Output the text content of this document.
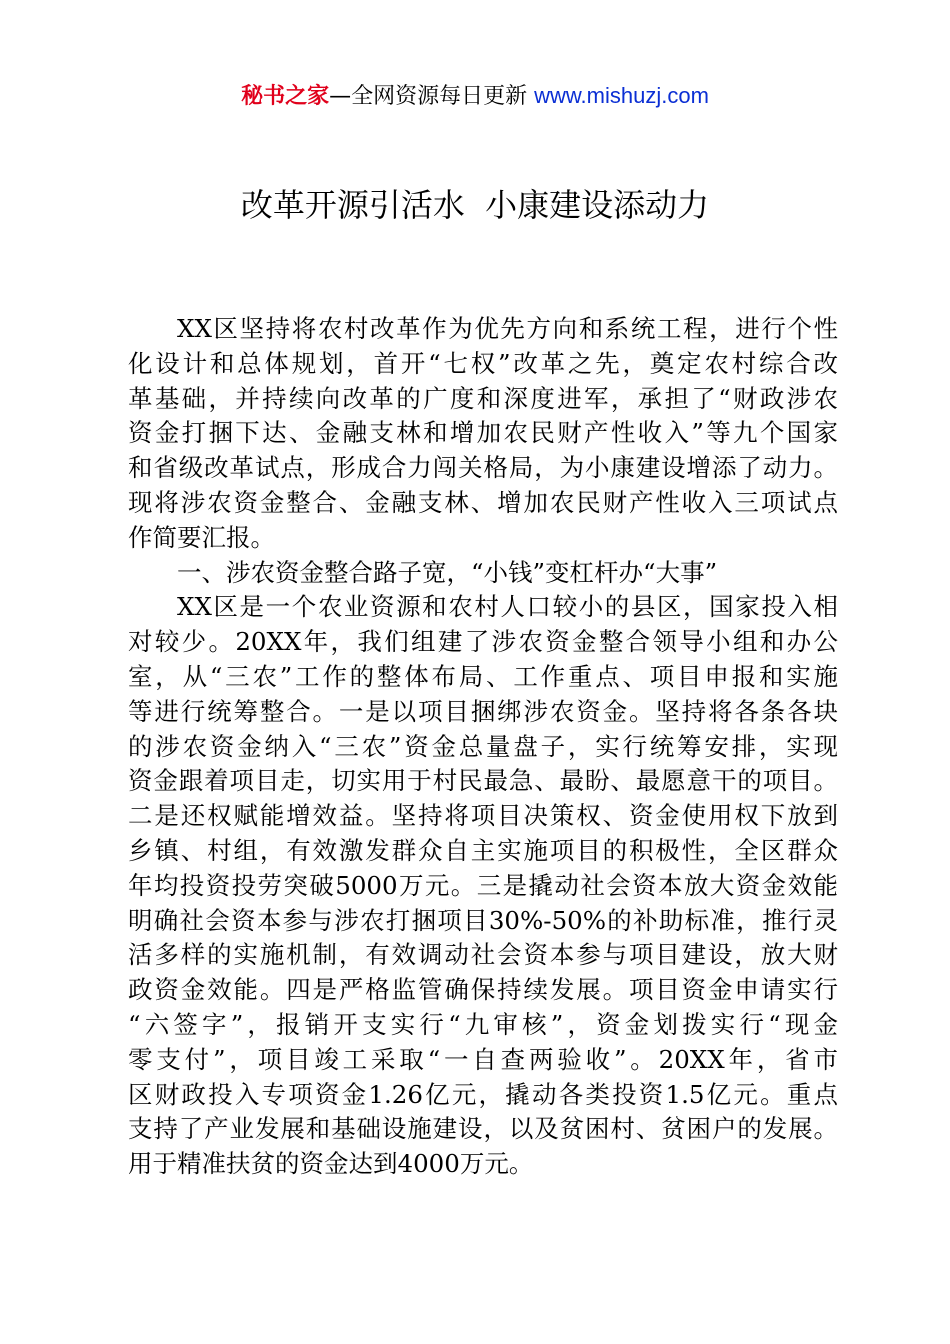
秘书之家—全网资源每日更新 www.mishuzj.com
改革开源引活水  小康建设添动力
XX区坚持将农村改革作为优先方向和系统工程，进行个性
化设计和总体规划，首开“七权”改革之先，奠定农村综合改
革基础，并持续向改革的广度和深度进军，承担了“财政涉农
资金打捆下达、金融支林和增加农民财产性收入”等九个国家
和省级改革试点，形成合力闯关格局，为小康建设增添了动力。
现将涉农资金整合、金融支林、增加农民财产性收入三项试点
作简要汇报。
一、涉农资金整合路子宽，“小钱”变杠杆办“大事”
XX区是一个农业资源和农村人口较小的县区，国家投入相
对较少。20XX年，我们组建了涉农资金整合领导小组和办公
室，从“三农”工作的整体布局、工作重点、项目申报和实施
等进行统筹整合。一是以项目捆绑涉农资金。坚持将各条各块
的涉农资金纳入“三农”资金总量盘子，实行统筹安排，实现
资金跟着项目走，切实用于村民最急、最盼、最愿意干的项目。
二是还权赋能增效益。坚持将项目决策权、资金使用权下放到
乡镇、村组，有效激发群众自主实施项目的积极性，全区群众
年均投资投劳突破5000万元。三是撬动社会资本放大资金效能
明确社会资本参与涉农打捆项目30%-50%的补助标准，推行灵
活多样的实施机制，有效调动社会资本参与项目建设，放大财
政资金效能。四是严格监管确保持续发展。项目资金申请实行
“六签字”，报销开支实行“九审核”，资金划拨实行“现金
零支付”，项目竣工采取“一自查两验收”。20XX年，省市
区财政投入专项资金1.26亿元，撬动各类投资1.5亿元。重点
支持了产业发展和基础设施建设，以及贫困村、贫困户的发展。
用于精准扶贫的资金达到4000万元。
